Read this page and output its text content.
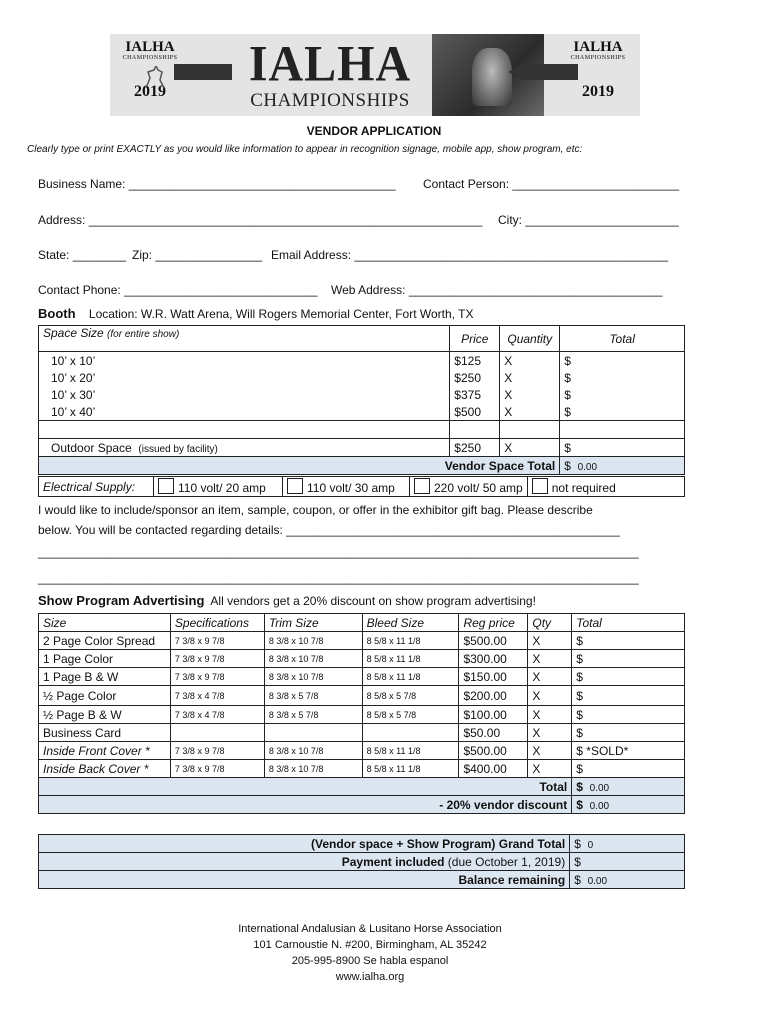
IALHA
CHAMPIONSHIPS
2019	IALHA
CHAMPIONSHIPS
IALHA
CHAMPIONSHIPS
2019
VENDOR APPLICATION
Clearly type or print EXACTLY as you would like information to appear in recognition signage, mobile app, show program, etc:
Business Name: ________________________________________ Contact Person: _________________________
Address: ___________________________________________________________ City: _______________________
State: ________ Zip: ________________ Email Address: _______________________________________________
Contact Phone: _____________________________ Web Address: ______________________________________
Booth Location: W.R. Watt Arena, Will Rogers Memorial Center, Fort Worth, TX
Space Size (for entire show)	Price	Quantity	Total
10’ x 10’	$125	X	$
10’ x 20’	$250	X	$
10’ x 30’	$375	X	$
10’ x 40’	$500	X	$

Outdoor Space (issued by facility)	$250	X	$
Vendor Space Total			$ 0.00
Electrical Supply:	110 volt/ 20 amp	110 volt/ 30 amp	220 volt/ 50 amp	not required
I would like to include/sponsor an item, sample, coupon, or offer in the exhibitor gift bag. Please describe
below. You will be contacted regarding details: __________________________________________________
__________________________________________________________________________________________
__________________________________________________________________________________________
Show Program Advertising All vendors get a 20% discount on show program advertising!
Size	Specifications	Trim Size	Bleed Size	Reg price	Qty	Total
2 Page Color Spread	7 3/8 x 9 7/8	8 3/8 x 10 7/8	8 5/8 x 11 1/8	$500.00	X	$
1 Page Color	7 3/8 x 9 7/8	8 3/8 x 10 7/8	8 5/8 x 11 1/8	$300.00	X	$
1 Page B & W	7 3/8 x 9 7/8	8 3/8 x 10 7/8	8 5/8 x 11 1/8	$150.00	X	$
½ Page Color	7 3/8 x 4 7/8	8 3/8 x 5 7/8	8 5/8 x 5 7/8	$200.00	X	$
½ Page B & W	7 3/8 x 4 7/8	8 3/8 x 5 7/8	8 5/8 x 5 7/8	$100.00	X	$
Business Card				$50.00	X	$
Inside Front Cover *	7 3/8 x 9 7/8	8 3/8 x 10 7/8	8 5/8 x 11 1/8	$500.00	X	$ *SOLD*
Inside Back Cover *	7 3/8 x 9 7/8	8 3/8 x 10 7/8	8 5/8 x 11 1/8	$400.00	X	$
Total						$ 0.00
- 20% vendor discount						$ 0.00
(Vendor space + Show Program) Grand Total	$ 0
Payment included (due October 1, 2019)	$
Balance remaining	$ 0.00
International Andalusian & Lusitano Horse Association
101 Carnoustie N. #200, Birmingham, AL 35242
205-995-8900 Se habla espanol
www.ialha.org
